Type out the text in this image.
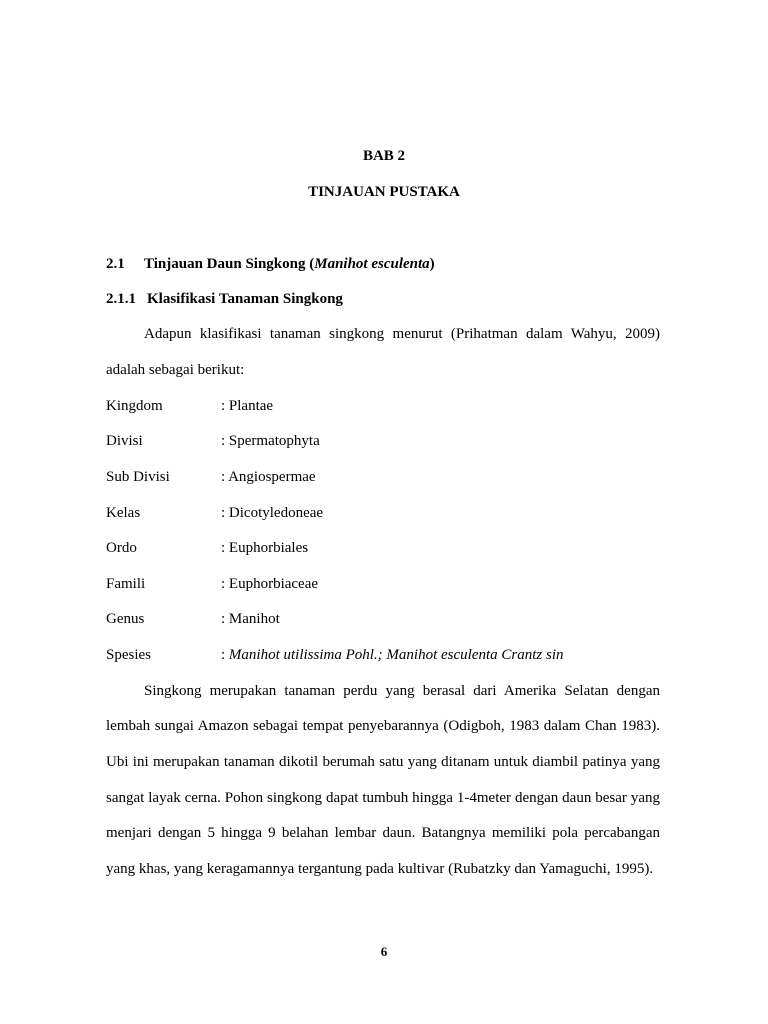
BAB 2
TINJAUAN PUSTAKA
2.1 Tinjauan Daun Singkong (Manihot esculenta)
2.1.1 Klasifikasi Tanaman Singkong
Adapun klasifikasi tanaman singkong menurut (Prihatman dalam Wahyu, 2009)
adalah sebagai berikut:
Kingdom	: Plantae
Divisi	: Spermatophyta
Sub Divisi	: Angiospermae
Kelas	: Dicotyledoneae
Ordo	: Euphorbiales
Famili	: Euphorbiaceae
Genus	: Manihot
Spesies	: Manihot utilissima Pohl.; Manihot esculenta Crantz sin
Singkong merupakan tanaman perdu yang berasal dari Amerika Selatan dengan
lembah sungai Amazon sebagai tempat penyebarannya (Odigboh, 1983 dalam Chan 1983).
Ubi ini merupakan tanaman dikotil berumah satu yang ditanam untuk diambil patinya yang
sangat layak cerna. Pohon singkong dapat tumbuh hingga 1-4meter dengan daun besar yang
menjari dengan 5 hingga 9 belahan lembar daun. Batangnya memiliki pola percabangan
yang khas, yang keragamannya tergantung pada kultivar (Rubatzky dan Yamaguchi, 1995).
6
